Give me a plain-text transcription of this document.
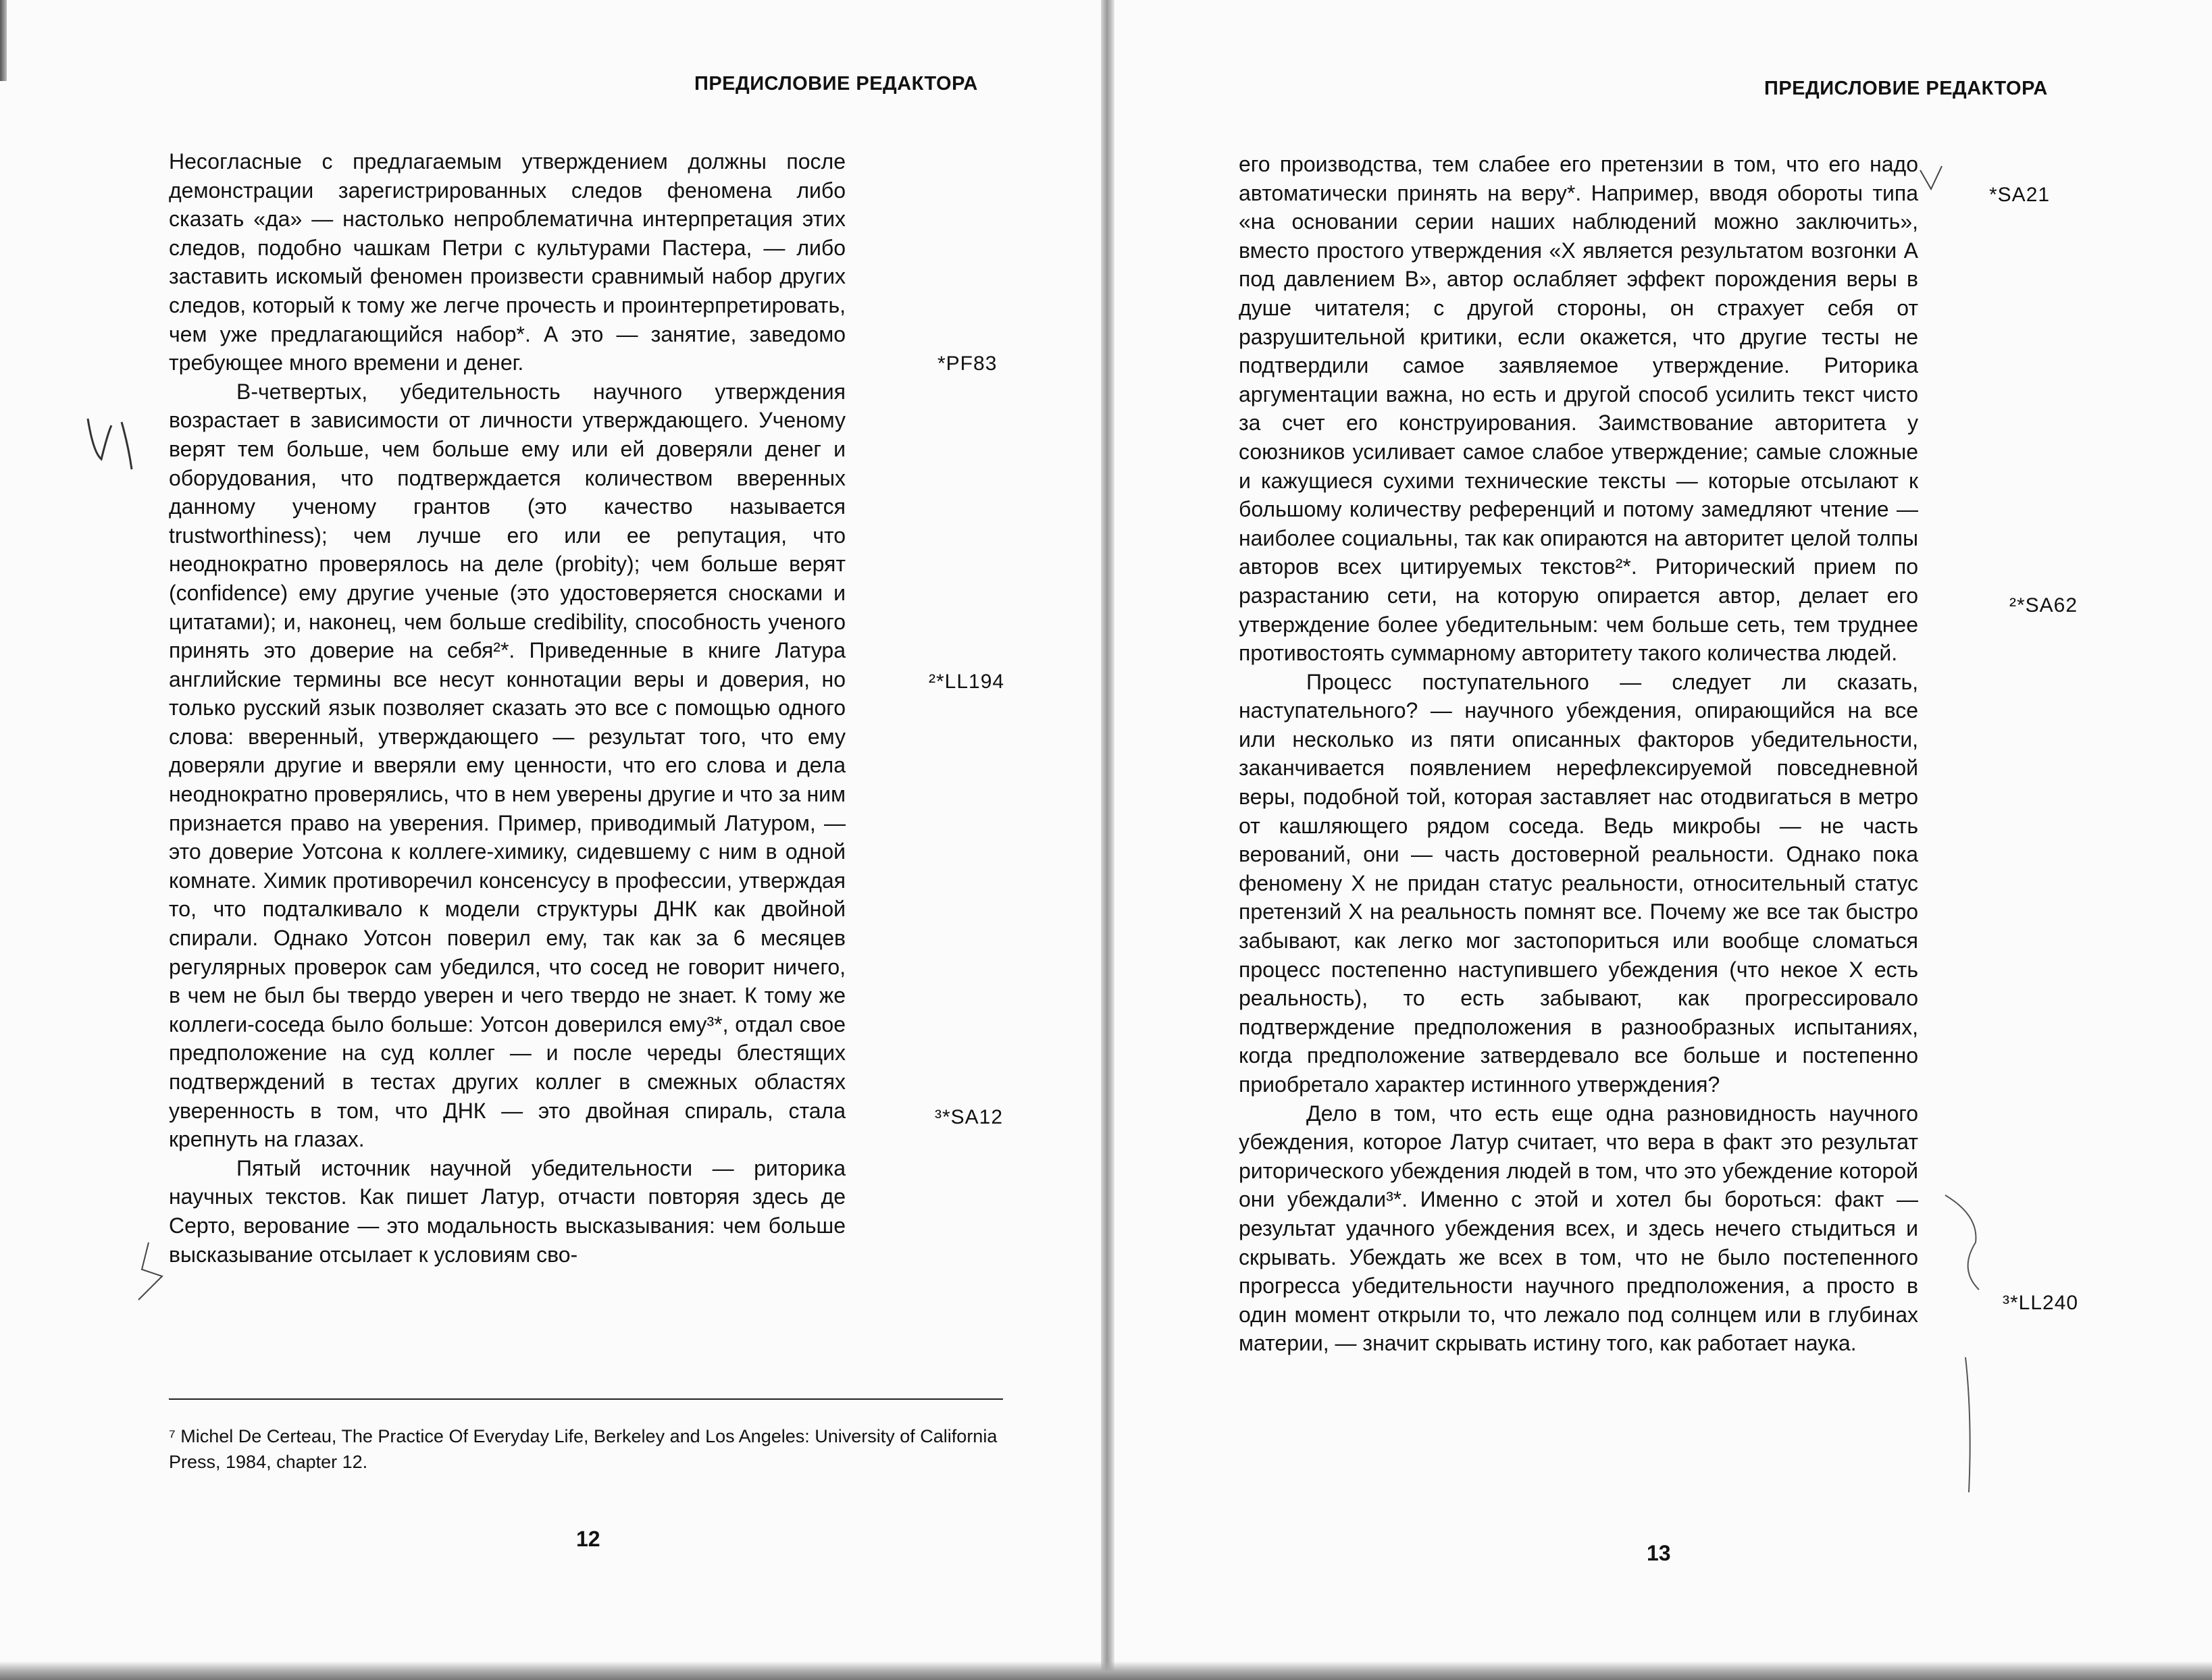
ПРЕДИСЛОВИЕ РЕДАКТОРА

Несогласные с предлагаемым утверждением должны после демонстрации зарегистрированных следов феномена либо сказать «да» — настолько непроблематична интерпретация этих следов, подобно чашкам Петри с культурами Пастера, — либо заставить искомый феномен произвести сравнимый набор других следов, который к тому же легче прочесть и проинтерпретировать, чем уже предлагающийся набор*. А это — занятие, заведомо требующее много времени и денег.

В-четвертых, убедительность научного утверждения возрастает в зависимости от личности утверждающего. Ученому верят тем больше, чем больше ему или ей доверяли денег и оборудования, что подтверждается количеством вверенных данному ученому грантов (это качество называется trustworthiness); чем лучше его или ее репутация, что неоднократно проверялось на деле (probity); чем больше верят (confidence) ему другие ученые (это удостоверяется сносками и цитатами); и, наконец, чем больше credibility, способность ученого принять это доверие на себя²*. Приведенные в книге Латура английские термины все несут коннотации веры и доверия, но только русский язык позволяет сказать это все с помощью одного слова: вверенный, утверждающего — результат того, что ему доверяли другие и вверяли ему ценности, что его слова и дела неоднократно проверялись, что в нем уверены другие и что за ним признается право на уверения. Пример, приводимый Латуром, — это доверие Уотсона к коллеге-химику, сидевшему с ним в одной комнате. Химик противоречил консенсусу в профессии, утверждая то, что подталкивало к модели структуры ДНК как двойной спирали. Однако Уотсон поверил ему, так как за 6 месяцев регулярных проверок сам убедился, что сосед не говорит ничего, в чем не был бы твердо уверен и чего твердо не знает. К тому же коллеги-соседа было больше: Уотсон доверился ему³*, отдал свое предположение на суд коллег — и после череды блестящих подтверждений в тестах других коллег в смежных областях уверенность в том, что ДНК — это двойная спираль, стала крепнуть на глазах.

Пятый источник научной убедительности — риторика научных текстов. Как пишет Латур, отчасти повторяя здесь де Серто, верование — это модальность высказывания: чем больше высказывание отсылает к условиям сво-

*PF83
²*LL194
³*SA12
⁷ Michel De Certeau, The Practice Of Everyday Life, Berkeley and Los Angeles: University of California Press, 1984, chapter 12.
12
ПРЕДИСЛОВИЕ РЕДАКТОРА

его производства, тем слабее его претензии в том, что его надо автоматически принять на веру*. Например, вводя обороты типа «на основании серии наших наблюдений можно заключить», вместо простого утверждения «X является результатом возгонки А под давлением В», автор ослабляет эффект порождения веры в душе читателя; с другой стороны, он страхует себя от разрушительной критики, если окажется, что другие тесты не подтвердили самое заявляемое утверждение. Риторика аргументации важна, но есть и другой способ усилить текст чисто за счет его конструирования. Заимствование авторитета у союзников усиливает самое слабое утверждение; самые сложные и кажущиеся сухими технические тексты — которые отсылают к большому количеству референций и потому замедляют чтение — наиболее социальны, так как опираются на авторитет целой толпы авторов всех цитируемых текстов²*. Риторический прием по разрастанию сети, на которую опирается автор, делает его утверждение более убедительным: чем больше сеть, тем труднее противостоять суммарному авторитету такого количества людей.

Процесс поступательного — следует ли сказать, наступательного? — научного убеждения, опирающийся на все или несколько из пяти описанных факторов убедительности, заканчивается появлением нерефлексируемой повседневной веры, подобной той, которая заставляет нас отодвигаться в метро от кашляющего рядом соседа. Ведь микробы — не часть верований, они — часть достоверной реальности. Однако пока феномену X не придан статус реальности, относительный статус претензий X на реальность помнят все. Почему же все так быстро забывают, как легко мог застопориться или вообще сломаться процесс постепенно наступившего убеждения (что некое X есть реальность), то есть забывают, как прогрессировало подтверждение предположения в разнообразных испытаниях, когда предположение затвердевало все больше и постепенно приобретало характер истинного утверждения?

Дело в том, что есть еще одна разновидность научного убеждения, которое Латур считает, что вера в факт это результат риторического убеждения людей в том, что это убеждение которой они убеждали³*. Именно с этой и хотел бы бороться: факт — результат удачного убеждения всех, и здесь нечего стыдиться и скрывать. Убеждать же всех в том, что не было постепенного прогресса убедительности научного предположения, а просто в один момент открыли то, что лежало под солнцем или в глубинах материи, — значит скрывать истину того, как работает наука.

*SA21
²*SA62
³*LL240
13
